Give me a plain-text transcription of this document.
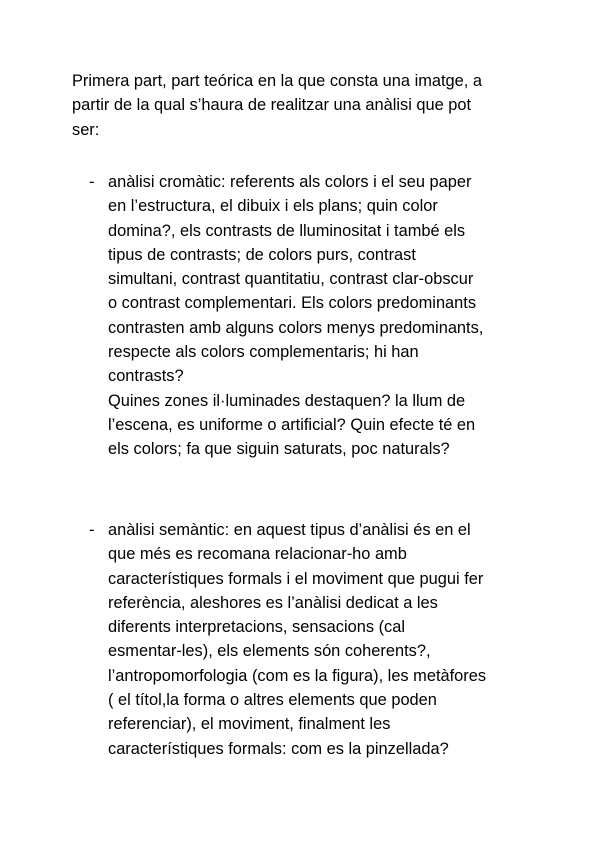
Primera part, part teórica en la que consta una imatge, a
partir de la qual s’haura de realitzar una anàlisi que pot
ser:
- anàlisi cromàtic: referents als colors i el seu paper
en l’estructura, el dibuix i els plans; quin color
domina?, els contrasts de lluminositat i també els
tipus de contrasts; de colors purs, contrast
simultani, contrast quantitatiu, contrast clar-obscur
o contrast complementari. Els colors predominants
contrasten amb alguns colors menys predominants,
respecte als colors complementaris; hi han
contrasts?

Quines zones il·luminades destaquen? la llum de
l’escena, es uniforme o artificial? Quin efecte té en
els colors; fa que siguin saturats, poc naturals?

- anàlisi semàntic: en aquest tipus d’anàlisi és en el
que més es recomana relacionar-ho amb
característiques formals i el moviment que pugui fer
referència, aleshores es l’anàlisi dedicat a les
diferents interpretacions, sensacions (cal
esmentar-les), els elements són coherents?,
l’antropomorfologia (com es la figura), les metàfores
( el títol,la forma o altres elements que poden
referenciar), el moviment, finalment les
característiques formals: com es la pinzellada?
